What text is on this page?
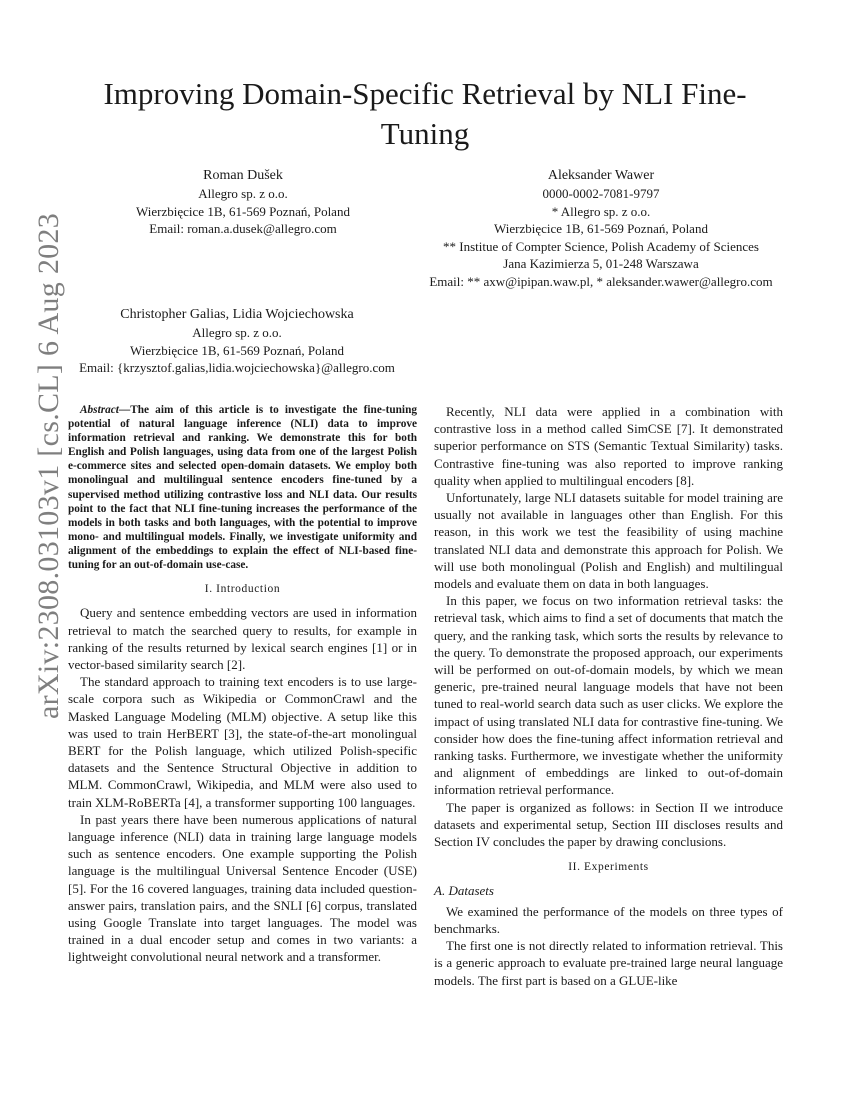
arXiv:2308.03103v1 [cs.CL] 6 Aug 2023
Improving Domain-Specific Retrieval by NLI Fine-Tuning
Roman Dušek
Allegro sp. z o.o.
Wierzbięcice 1B, 61-569 Poznań, Poland
Email: roman.a.dusek@allegro.com
Aleksander Wawer
0000-0002-7081-9797
* Allegro sp. z o.o.
Wierzbięcice 1B, 61-569 Poznań, Poland
** Institue of Compter Science, Polish Academy of Sciences
Jana Kazimierza 5, 01-248 Warszawa
Email: ** axw@ipipan.waw.pl, * aleksander.wawer@allegro.com
Christopher Galias, Lidia Wojciechowska
Allegro sp. z o.o.
Wierzbięcice 1B, 61-569 Poznań, Poland
Email: {krzysztof.galias,lidia.wojciechowska}@allegro.com

Abstract—The aim of this article is to investigate the fine-tuning potential of natural language inference (NLI) data to improve information retrieval and ranking. We demonstrate this for both English and Polish languages, using data from one of the largest Polish e-commerce sites and selected open-domain datasets. We employ both monolingual and multilingual sentence encoders fine-tuned by a supervised method utilizing contrastive loss and NLI data. Our results point to the fact that NLI fine-tuning increases the performance of the models in both tasks and both languages, with the potential to improve mono- and multilingual models. Finally, we investigate uniformity and alignment of the embeddings to explain the effect of NLI-based fine-tuning for an out-of-domain use-case.

I. Introduction

Query and sentence embedding vectors are used in information retrieval to match the searched query to results, for example in ranking of the results returned by lexical search engines [1] or in vector-based similarity search [2].

The standard approach to training text encoders is to use large-scale corpora such as Wikipedia or CommonCrawl and the Masked Language Modeling (MLM) objective. A setup like this was used to train HerBERT [3], the state-of-the-art monolingual BERT for the Polish language, which utilized Polish-specific datasets and the Sentence Structural Objective in addition to MLM. CommonCrawl, Wikipedia, and MLM were also used to train XLM-RoBERTa [4], a transformer supporting 100 languages.

In past years there have been numerous applications of natural language inference (NLI) data in training large language models such as sentence encoders. One example supporting the Polish language is the multilingual Universal Sentence Encoder (USE) [5]. For the 16 covered languages, training data included question-answer pairs, translation pairs, and the SNLI [6] corpus, translated using Google Translate into target languages. The model was trained in a dual encoder setup and comes in two variants: a lightweight convolutional neural network and a transformer.

Recently, NLI data were applied in a combination with contrastive loss in a method called SimCSE [7]. It demonstrated superior performance on STS (Semantic Textual Similarity) tasks. Contrastive fine-tuning was also reported to improve ranking quality when applied to multilingual encoders [8].

Unfortunately, large NLI datasets suitable for model training are usually not available in languages other than English. For this reason, in this work we test the feasibility of using machine translated NLI data and demonstrate this approach for Polish. We will use both monolingual (Polish and English) and multilingual models and evaluate them on data in both languages.

In this paper, we focus on two information retrieval tasks: the retrieval task, which aims to find a set of documents that match the query, and the ranking task, which sorts the results by relevance to the query. To demonstrate the proposed approach, our experiments will be performed on out-of-domain models, by which we mean generic, pre-trained neural language models that have not been tuned to real-world search data such as user clicks. We explore the impact of using translated NLI data for contrastive fine-tuning. We consider how does the fine-tuning affect information retrieval and ranking tasks. Furthermore, we investigate whether the uniformity and alignment of embeddings are linked to out-of-domain information retrieval performance.

The paper is organized as follows: in Section II we introduce datasets and experimental setup, Section III discloses results and Section IV concludes the paper by drawing conclusions.

II. Experiments
A. Datasets

We examined the performance of the models on three types of benchmarks.

The first one is not directly related to information retrieval. This is a generic approach to evaluate pre-trained large neural language models. The first part is based on a GLUE-like
